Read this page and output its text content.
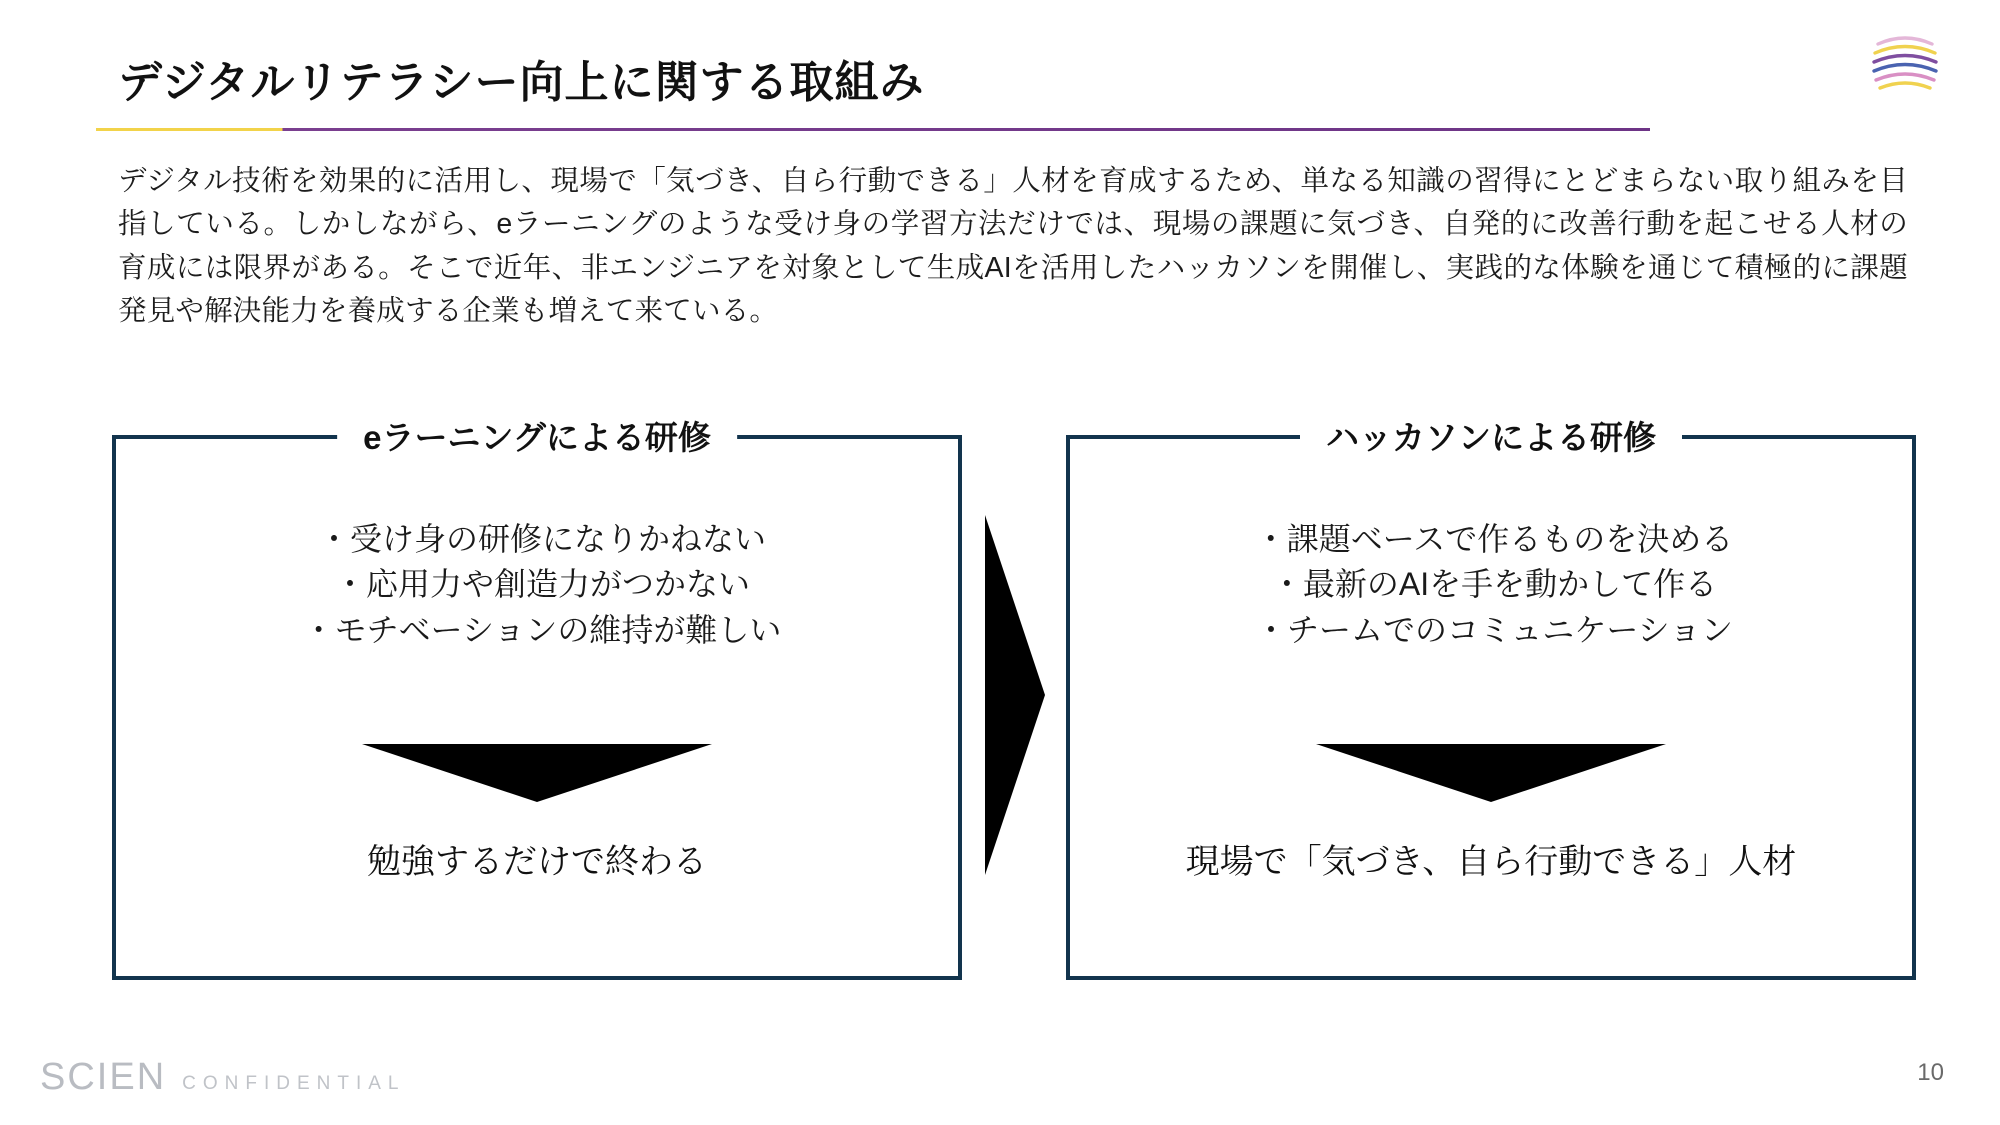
デジタルリテラシー向上に関する取組み
デジタル技術を効果的に活用し、現場で「気づき、自ら行動できる」人材を育成するため、単なる知識の習得にとどまらない取り組みを目指している。しかしながら、eラーニングのような受け身の学習方法だけでは、現場の課題に気づき、自発的に改善行動を起こせる人材の育成には限界がある。そこで近年、非エンジニアを対象として生成AIを活用したハッカソンを開催し、実践的な体験を通じて積極的に課題発見や解決能力を養成する企業も増えて来ている。
eラーニングによる研修
・受け身の研修になりかねない
・応用力や創造力がつかない
・モチベーションの維持が難しい
勉強するだけで終わる
ハッカソンによる研修
・課題ベースで作るものを決める
・最新のAIを手を動かして作る
・チームでのコミュニケーション
現場で「気づき、自ら行動できる」人材
SCIEN CONFIDENTIAL	10
